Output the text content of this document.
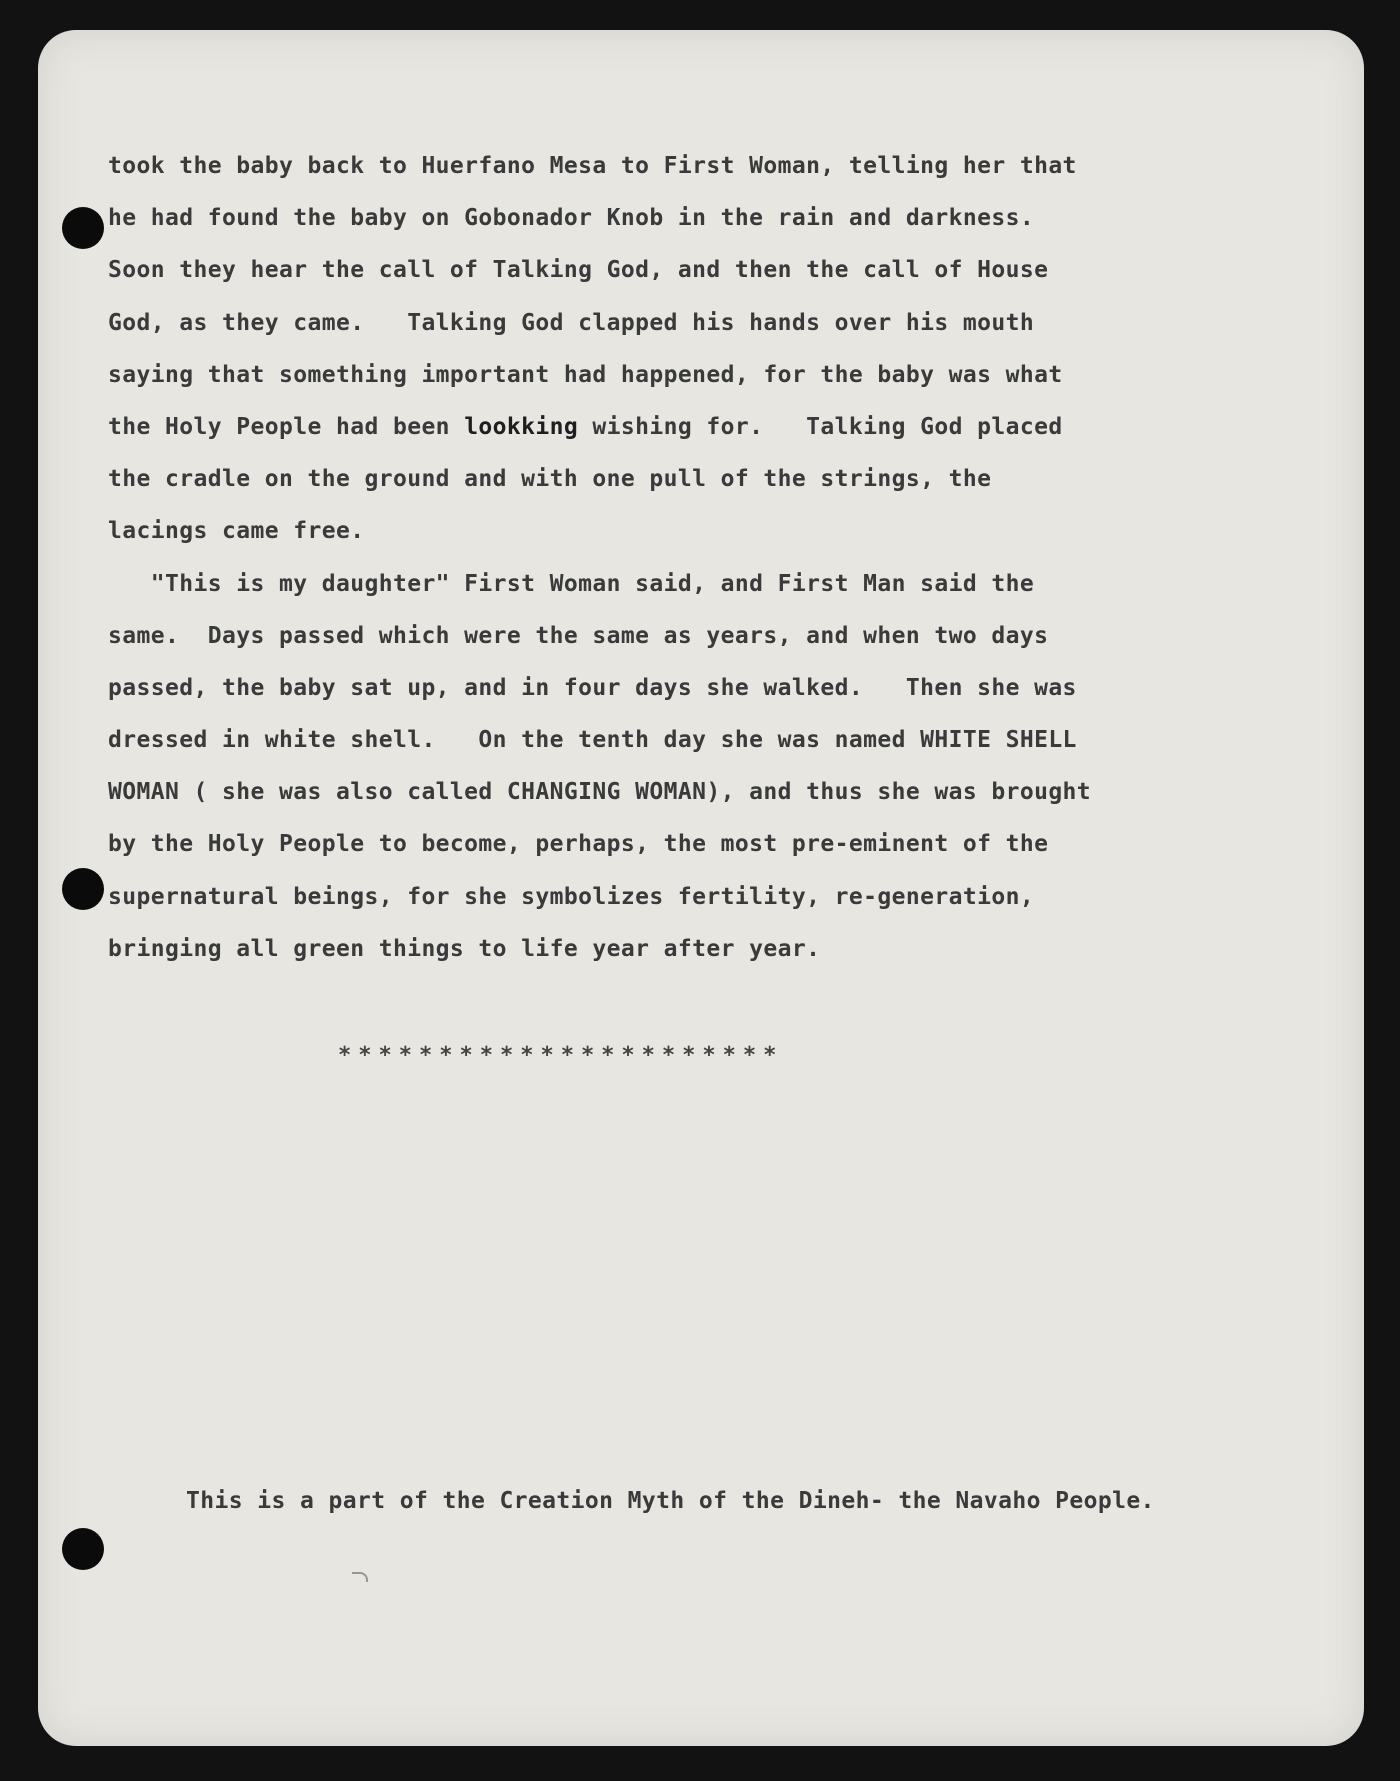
took the baby back to Huerfano Mesa to First Woman, telling her that
he had found the baby on Gobonador Knob in the rain and darkness.
Soon they hear the call of Talking God, and then the call of House
God, as they came.   Talking God clapped his hands over his mouth
saying that something important had happened, for the baby was what
the Holy People had been lookking wishing for.   Talking God placed
the cradle on the ground and with one pull of the strings, the
lacings came free.
"This is my daughter" First Woman said, and First Man said the
same.  Days passed which were the same as years, and when two days
passed, the baby sat up, and in four days she walked.   Then she was
dressed in white shell.   On the tenth day she was named WHITE SHELL
WOMAN ( she was also called CHANGING WOMAN), and thus she was brought
by the Holy People to become, perhaps, the most pre-eminent of the
supernatural beings, for she symbolizes fertility, re-generation,
bringing all green things to life year after year.
**********************
This is a part of the Creation Myth of the Dineh- the Navaho People.
